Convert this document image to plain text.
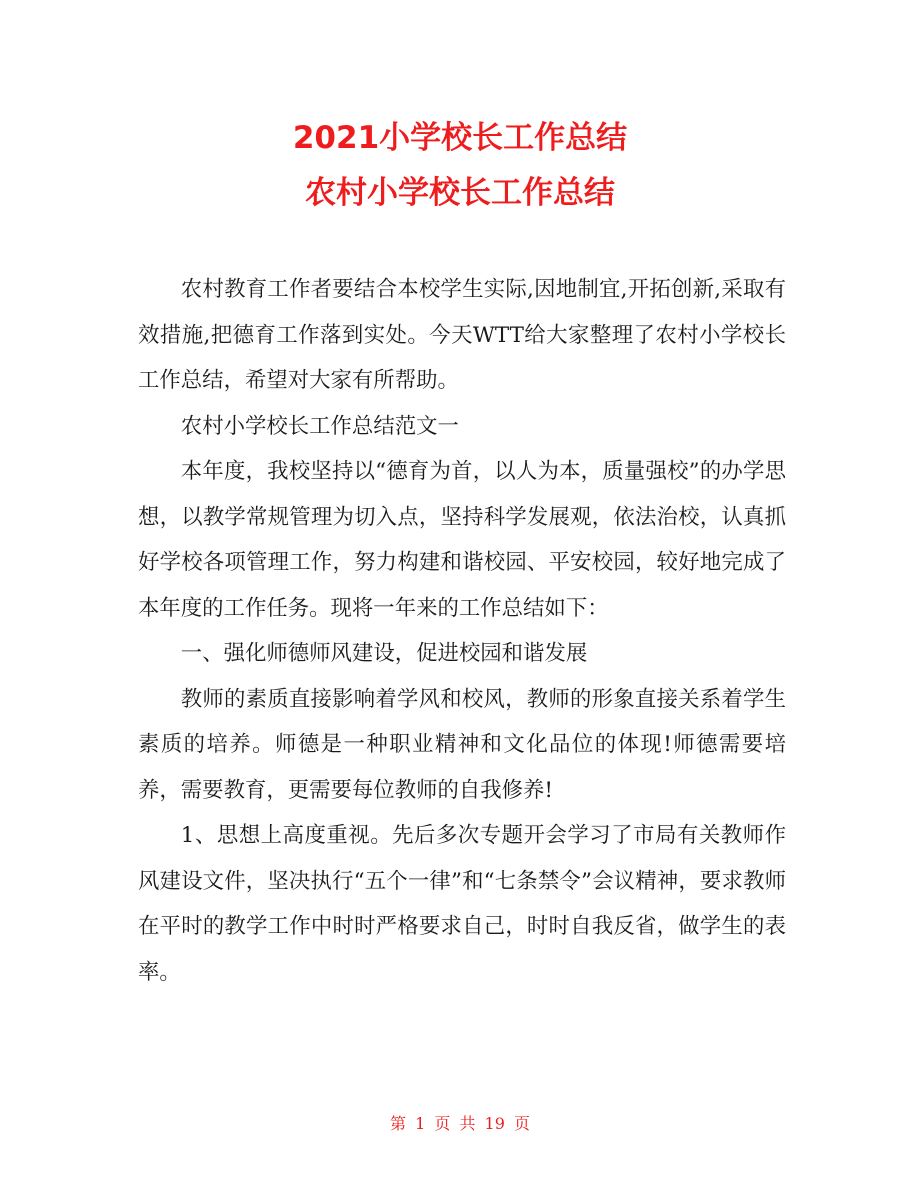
2021小学校长工作总结
农村小学校长工作总结

农村教育工作者要结合本校学生实际,因地制宜,开拓创新,采取有效措施,把德育工作落到实处。今天WTT给大家整理了农村小学校长工作总结，希望对大家有所帮助。

农村小学校长工作总结范文一

本年度，我校坚持以“德育为首，以人为本，质量强校”的办学思想，以教学常规管理为切入点，坚持科学发展观，依法治校，认真抓好学校各项管理工作，努力构建和谐校园、平安校园，较好地完成了本年度的工作任务。现将一年来的工作总结如下：

一、强化师德师风建设，促进校园和谐发展

教师的素质直接影响着学风和校风，教师的形象直接关系着学生素质的培养。师德是一种职业精神和文化品位的体现!师德需要培养，需要教育，更需要每位教师的自我修养!

1、思想上高度重视。先后多次专题开会学习了市局有关教师作风建设文件，坚决执行“五个一律”和“七条禁令”会议精神，要求教师在平时的教学工作中时时严格要求自己，时时自我反省，做学生的表率。

第 1 页 共 19 页
